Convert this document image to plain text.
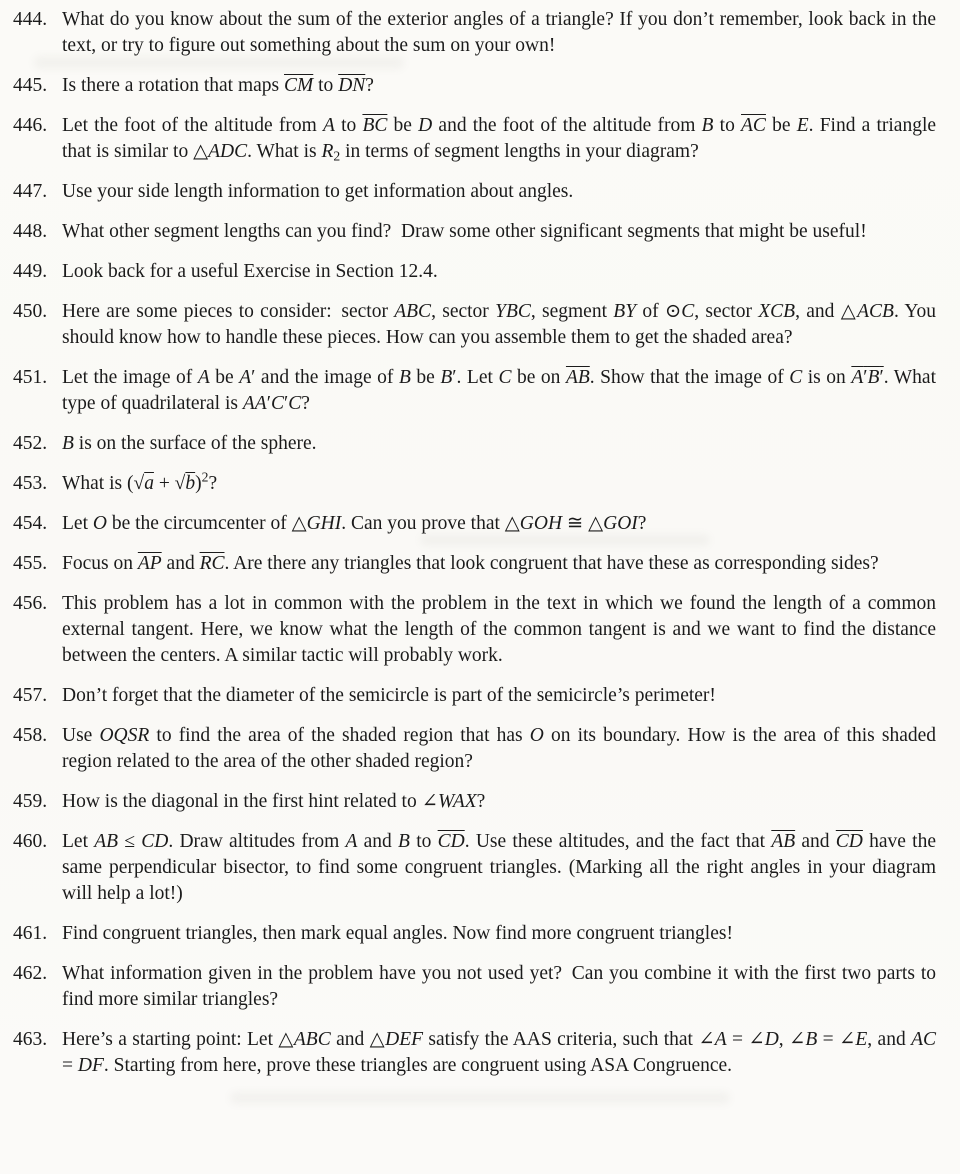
444. What do you know about the sum of the exterior angles of a triangle? If you don’t remember, look back in the text, or try to figure out something about the sum on your own!
445. Is there a rotation that maps $\overline{CM}$ to $\overline{DN}$?
446. Let the foot of the altitude from A to $\overline{BC}$ be D and the foot of the altitude from B to $\overline{AC}$ be E. Find a triangle that is similar to △ADC. What is $R_2$ in terms of segment lengths in your diagram?
447. Use your side length information to get information about angles.
448. What other segment lengths can you find? Draw some other significant segments that might be useful!
449. Look back for a useful Exercise in Section 12.4.
450. Here are some pieces to consider: sector ABC, sector YBC, segment BY of ⊙C, sector XCB, and △ACB. You should know how to handle these pieces. How can you assemble them to get the shaded area?
451. Let the image of A be A′ and the image of B be B′. Let C be on $\overline{AB}$. Show that the image of C is on A′B′. What type of quadrilateral is AA′C′C?
452. B is on the surface of the sphere.
453. What is $(√a + √b)^2$?
454. Let O be the circumcenter of △GHI. Can you prove that △GOH ≅ △GOI?
455. Focus on $\overline{AP}$ and $\overline{RC}$. Are there any triangles that look congruent that have these as corresponding sides?
456. This problem has a lot in common with the problem in the text in which we found the length of a common external tangent. Here, we know what the length of the common tangent is and we want to find the distance between the centers. A similar tactic will probably work.
457. Don’t forget that the diameter of the semicircle is part of the semicircle’s perimeter!
458. Use OQSR to find the area of the shaded region that has O on its boundary. How is the area of this shaded region related to the area of the other shaded region?
459. How is the diagonal in the first hint related to ∠WAX?
460. Let AB ≤ CD. Draw altitudes from A and B to $\overline{CD}$. Use these altitudes, and the fact that $\overline{AB}$ and $\overline{CD}$ have the same perpendicular bisector, to find some congruent triangles. (Marking all the right angles in your diagram will help a lot!)
461. Find congruent triangles, then mark equal angles. Now find more congruent triangles!
462. What information given in the problem have you not used yet? Can you combine it with the first two parts to find more similar triangles?
463. Here’s a starting point: Let △ABC and △DEF satisfy the AAS criteria, such that ∠A = ∠D, ∠B = ∠E, and AC = DF. Starting from here, prove these triangles are congruent using ASA Congruence.
